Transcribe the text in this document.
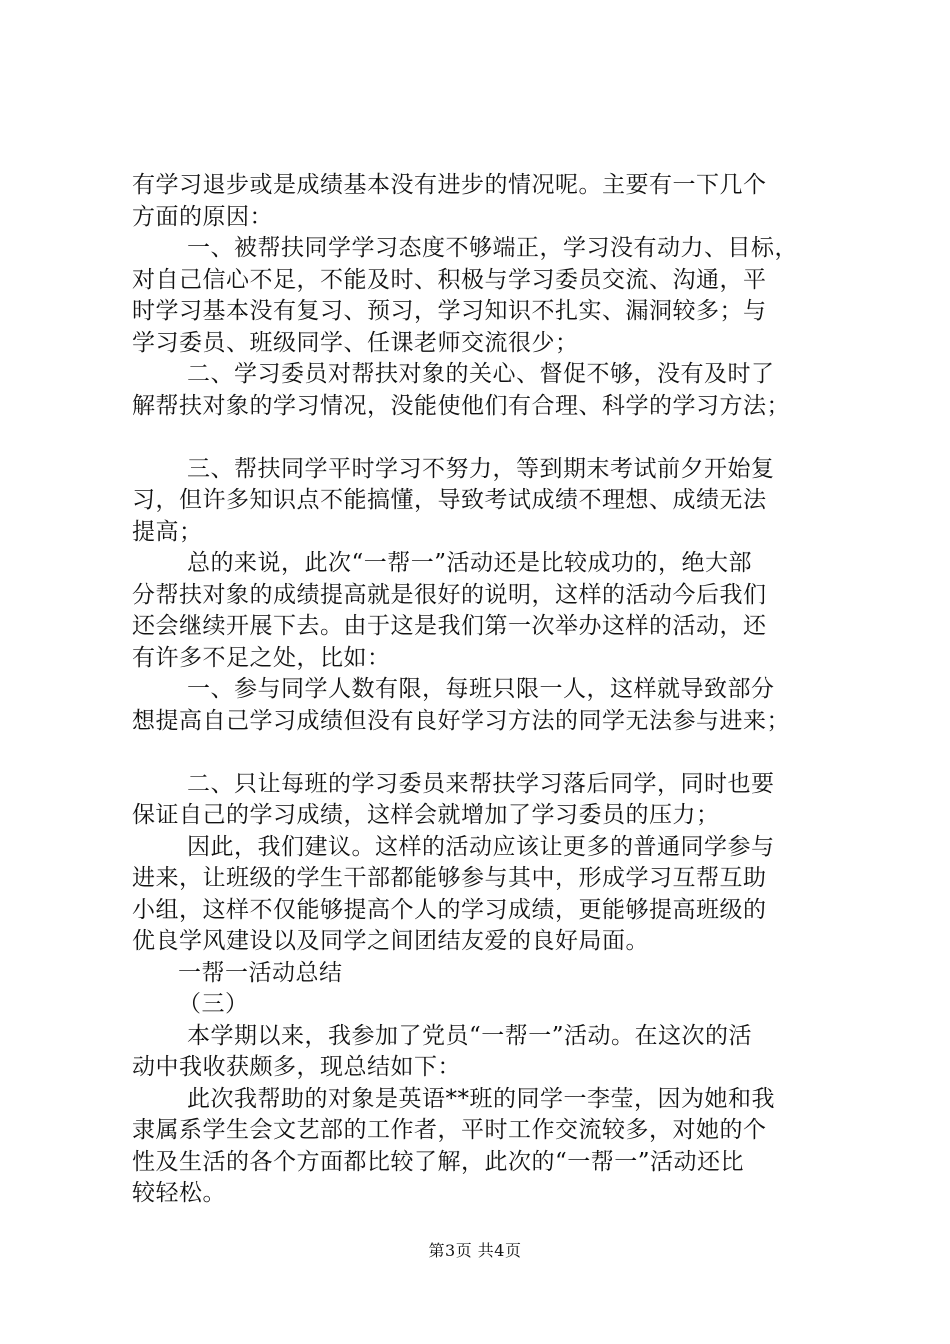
有学习退步或是成绩基本没有进步的情况呢。主要有一下几个
方面的原因：
一、被帮扶同学学习态度不够端正，学习没有动力、目标，
对自己信心不足，不能及时、积极与学习委员交流、沟通，平
时学习基本没有复习、预习，学习知识不扎实、漏洞较多；与
学习委员、班级同学、任课老师交流很少；
二、学习委员对帮扶对象的关心、督促不够，没有及时了
解帮扶对象的学习情况，没能使他们有合理、科学的学习方法；
三、帮扶同学平时学习不努力，等到期末考试前夕开始复
习，但许多知识点不能搞懂，导致考试成绩不理想、成绩无法
提高；
总的来说，此次“一帮一”活动还是比较成功的，绝大部
分帮扶对象的成绩提高就是很好的说明，这样的活动今后我们
还会继续开展下去。由于这是我们第一次举办这样的活动，还
有许多不足之处，比如：
一、参与同学人数有限，每班只限一人，这样就导致部分
想提高自己学习成绩但没有良好学习方法的同学无法参与进来；
二、只让每班的学习委员来帮扶学习落后同学，同时也要
保证自己的学习成绩，这样会就增加了学习委员的压力；
因此，我们建议。这样的活动应该让更多的普通同学参与
进来，让班级的学生干部都能够参与其中，形成学习互帮互助
小组，这样不仅能够提高个人的学习成绩，更能够提高班级的
优良学风建设以及同学之间团结友爱的良好局面。
一帮一活动总结
（三）
本学期以来，我参加了党员“一帮一”活动。在这次的活
动中我收获颇多，现总结如下：
此次我帮助的对象是英语**班的同学一李莹，因为她和我
隶属系学生会文艺部的工作者，平时工作交流较多，对她的个
性及生活的各个方面都比较了解，此次的“一帮一”活动还比
较轻松。
第3页 共4页
